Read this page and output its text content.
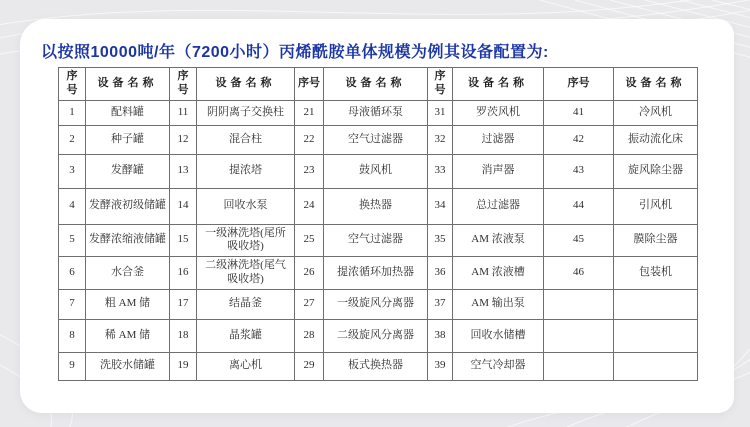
以按照10000吨/年（7200小时）丙烯酰胺单体规模为例其设备配置为:
序号	设备名称	序号	设备名称	序号	设备名称	序号	设备名称	序号	设备名称
1	配料罐	11	阴阴离子交换柱	21	母液循环泵	31	罗茨风机	41	冷风机
2	种子罐	12	混合柱	22	空气过滤器	32	过滤器	42	振动流化床
3	发酵罐	13	提浓塔	23	鼓风机	33	消声器	43	旋风除尘器
4	发酵液初级储罐	14	回收水泵	24	换热器	34	总过滤器	44	引风机
5	发酵浓缩液储罐	15	一级淋洗塔(尾所吸收塔)	25	空气过滤器	35	AM 浓液泵	45	膜除尘器
6	水合釜	16	二级淋洗塔(尾气吸收塔)	26	提浓循环加热器	36	AM 浓液槽	46	包装机
7	粗 AM 储	17	结晶釜	27	一级旋风分离器	37	AM 输出泵		
8	稀 AM 储	18	晶浆罐	28	二级旋风分离器	38	回收水储槽		
9	洗胶水储罐	19	离心机	29	板式换热器	39	空气冷却器		
